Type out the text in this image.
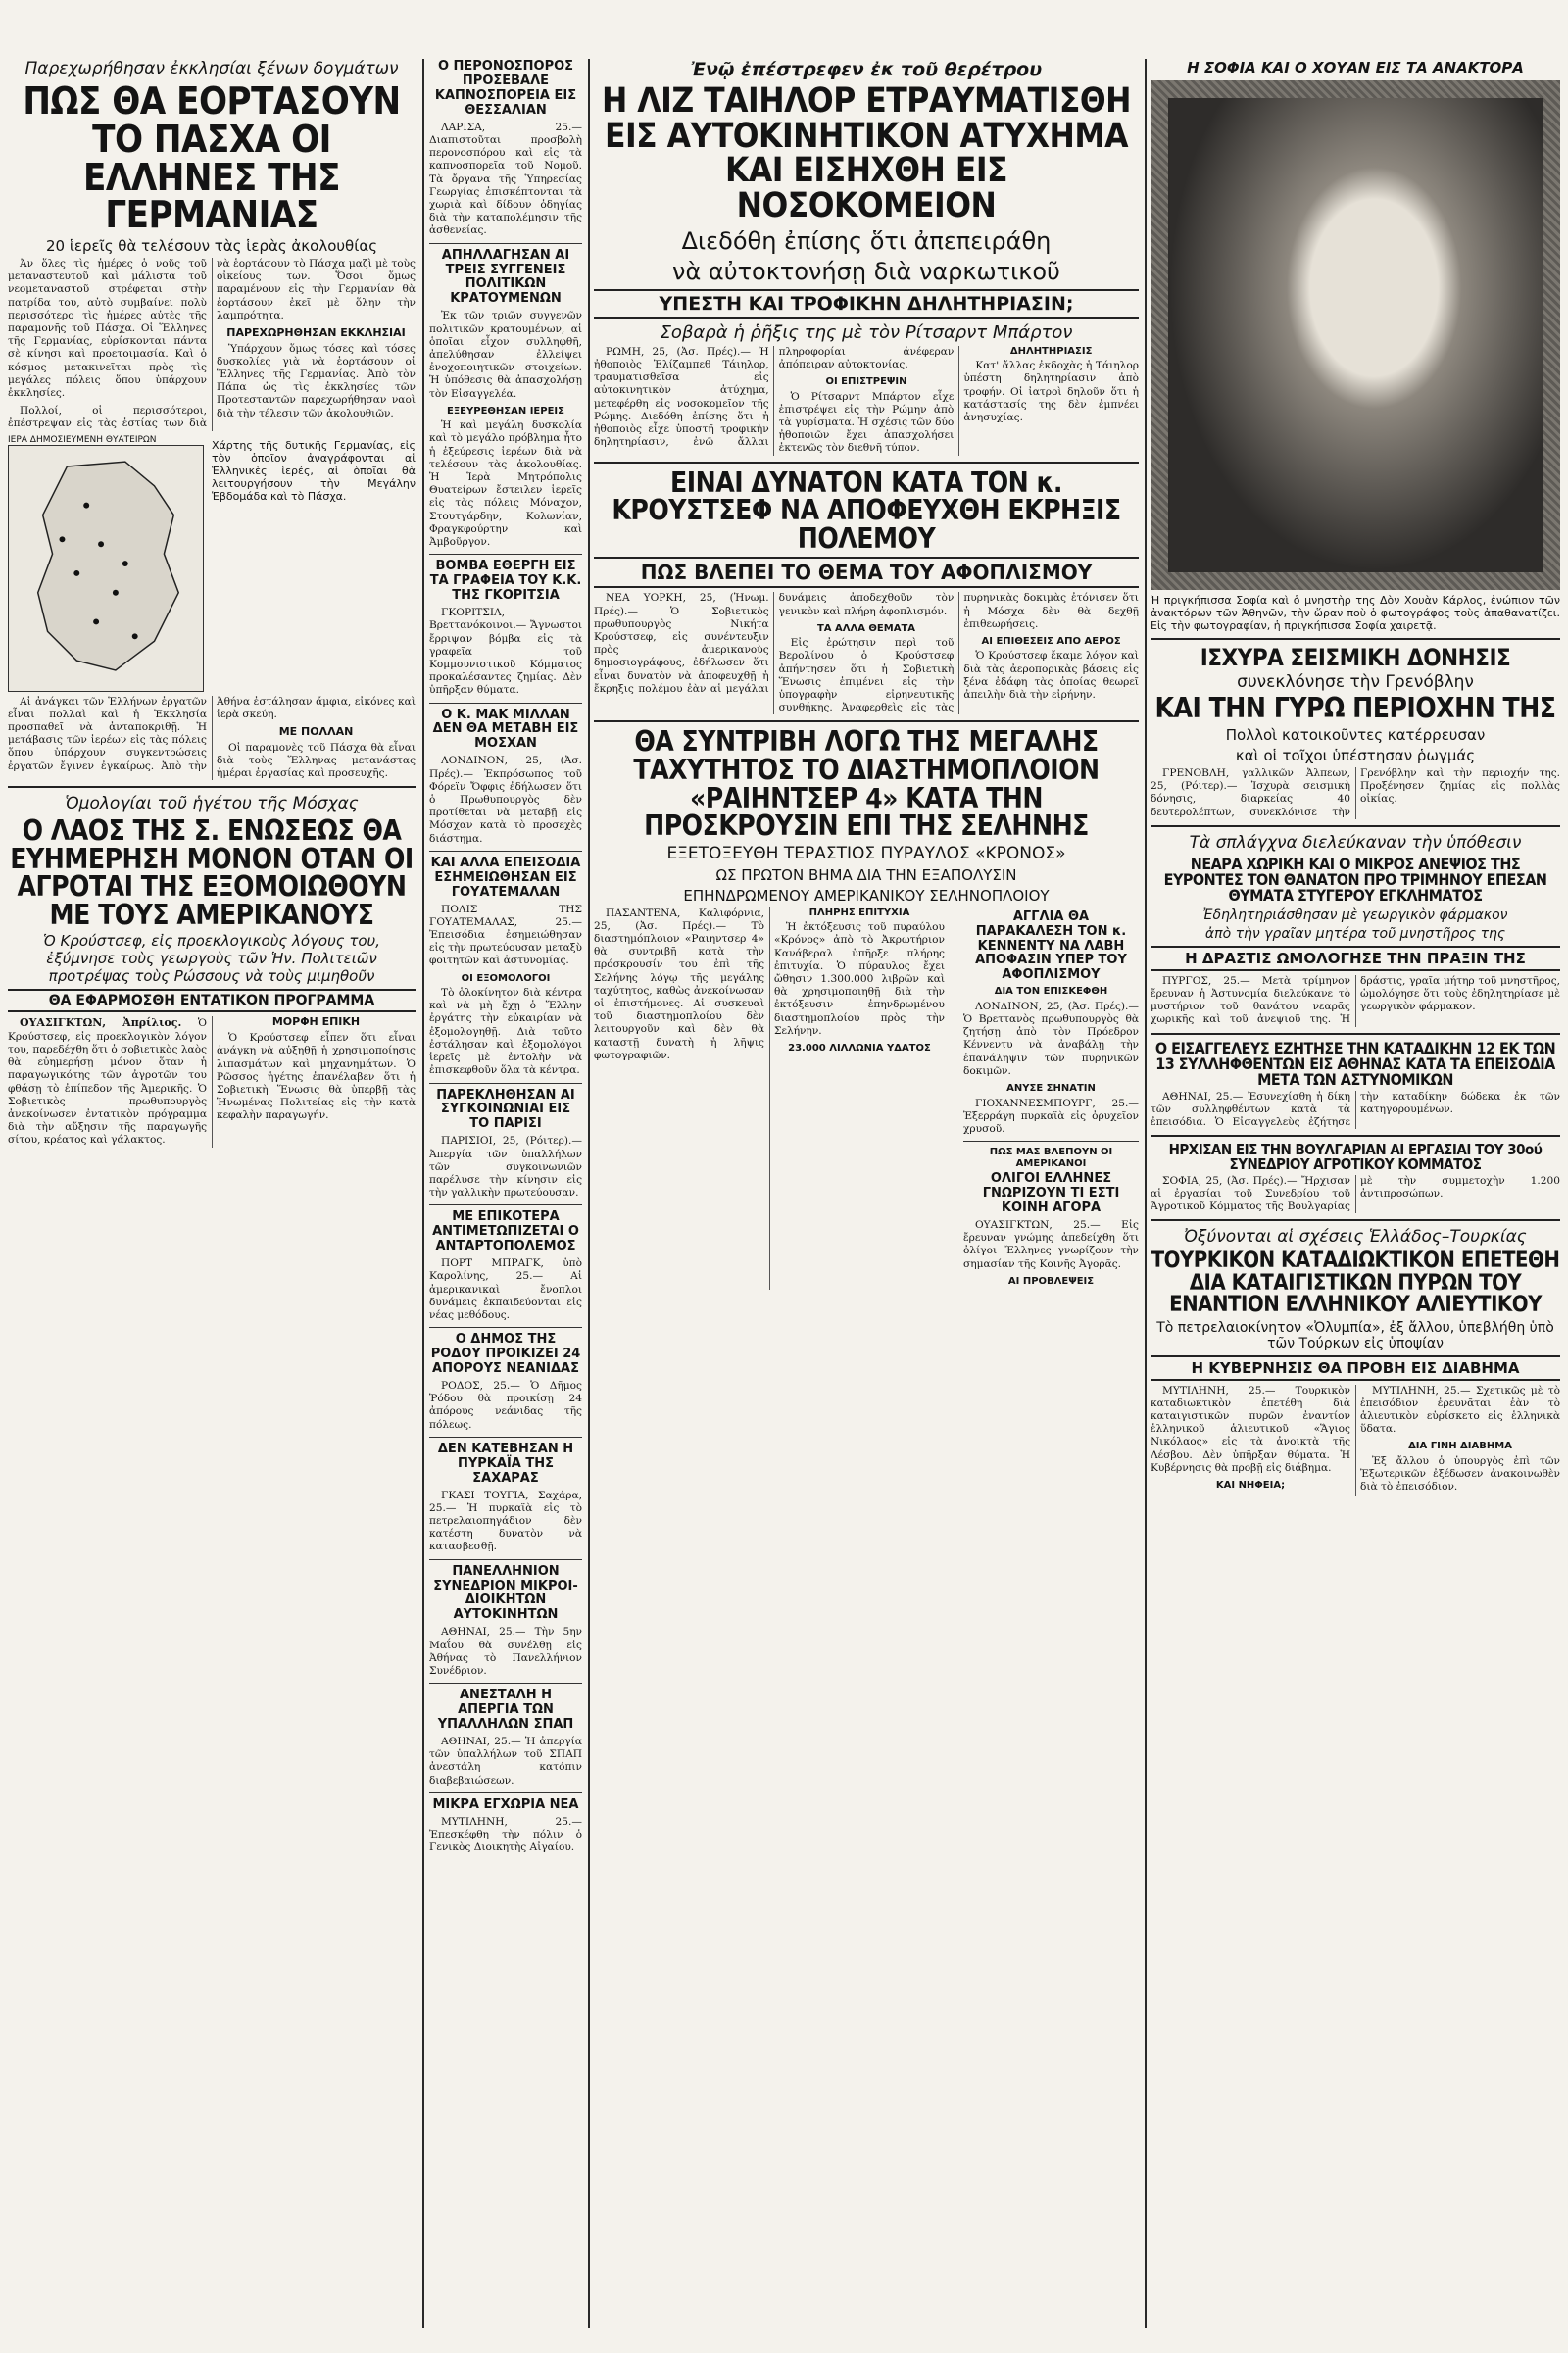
Παρεχωρήθησαν ἐκκλησίαι ξένων δογμάτων
ΠΩΣ ΘΑ ΕΟΡΤΑΣΟΥΝ ΤΟ ΠΑΣΧΑ ΟΙ ΕΛΛΗΝΕΣ ΤΗΣ ΓΕΡΜΑΝΙΑΣ
20 ἱερεῖς θὰ τελέσουν τὰς ἱερὰς ἀκολουθίας

Ἀν ὅλες τὶς ἡμέρες ὁ νοῦς τοῦ μεταναστευτοῦ καὶ μάλιστα τοῦ νεομεταναστοῦ στρέφεται στὴν πατρίδα του, αὐτὸ συμβαίνει πολὺ περισσότερο τὶς ἡμέρες αὐτὲς τῆς παραμονῆς τοῦ Πάσχα. Οἱ Ἕλληνες τῆς Γερμανίας, εὑρίσκονται πάντα σὲ κίνησι καὶ προετοιμασία. Καὶ ὁ κόσμος μετακινεῖται πρὸς τὶς μεγάλες πόλεις ὅπου ὑπάρχουν ἐκκλησίες.

Πολλοί, οἱ περισσότεροι, ἐπέστρεψαν εἰς τὰς ἑστίας των διὰ νὰ ἑορτάσουν τὸ Πάσχα μαζὶ μὲ τοὺς οἰκείους των. Ὅσοι ὅμως παραμένουν εἰς τὴν Γερμανίαν θὰ ἑορτάσουν ἐκεῖ μὲ ὅλην τὴν λαμπρότητα.

ΠΑΡΕΧΩΡΗΘΗΣΑΝ ΕΚΚΛΗΣΙΑΙ

Ὑπάρχουν ὅμως τόσες καὶ τόσες δυσκολίες γιὰ νὰ ἑορτάσουν οἱ Ἕλληνες τῆς Γερμανίας. Ἀπὸ τὸν Πάπα ὡς τὶς ἐκκλησίες τῶν Προτεσταντῶν παρεχωρήθησαν ναοὶ διὰ τὴν τέλεσιν τῶν ἀκολουθιῶν.

ΙΕΡΑ ΔΗΜΟΣΙΕΥΜΕΝΗ ΘΥΑΤΕΙΡΩΝ	Χάρτης τῆς δυτικῆς Γερμανίας, εἰς τὸν ὁποῖον ἀναγράφονται αἱ Ἑλληνικὲς ἱερές, αἱ ὁποῖαι θὰ λειτουργήσουν τὴν Μεγάλην Ἑβδομάδα καὶ τὸ Πάσχα.

Αἱ ἀνάγκαι τῶν Ἑλλήνων ἐργατῶν εἶναι πολλαὶ καὶ ἡ Ἐκκλησία προσπαθεῖ νὰ ἀνταποκριθῇ. Ἡ μετάβασις τῶν ἱερέων εἰς τὰς πόλεις ὅπου ὑπάρχουν συγκεντρώσεις ἐργατῶν ἔγινεν ἐγκαίρως. Ἀπὸ τὴν Ἀθήνα ἐστάλησαν ἄμφια, εἰκόνες καὶ ἱερὰ σκεύη.

ΜΕ ΠΟΛΛΑΝ

Οἱ παραμονὲς τοῦ Πάσχα θὰ εἶναι διὰ τοὺς Ἕλληνας μετανάστας ἡμέραι ἐργασίας καὶ προσευχῆς.

Ὁμολογίαι τοῦ ἡγέτου τῆς Μόσχας
Ο ΛΑΟΣ ΤΗΣ Σ. ΕΝΩΣΕΩΣ ΘΑ ΕΥΗΜΕΡΗΣΗ ΜΟΝΟΝ ΟΤΑΝ ΟΙ ΑΓΡΟΤΑΙ ΤΗΣ ΕΞΟΜΟΙΩΘΟΥΝ ΜΕ ΤΟΥΣ ΑΜΕΡΙΚΑΝΟΥΣ
Ὁ Κρούστσεφ, εἰς προεκλογικοὺς λόγους του, ἐξύμνησε τοὺς γεωργοὺς τῶν Ἡν. Πολιτειῶν προτρέψας τοὺς Ρώσσους νὰ τοὺς μιμηθοῦν
ΘΑ ΕΦΑΡΜΟΣΘΗ ΕΝΤΑΤΙΚΟΝ ΠΡΟΓΡΑΜΜΑ

ΟΥΑΣΙΓΚΤΩΝ, Ἀπρίλιος. Ὁ Κρούστσεφ, εἰς προεκλογικὸν λόγον του, παρεδέχθη ὅτι ὁ σοβιετικὸς λαὸς θὰ εὐημερήσῃ μόνον ὅταν ἡ παραγωγικότης τῶν ἀγροτῶν του φθάσῃ τὸ ἐπίπεδον τῆς Ἀμερικῆς. Ὁ Σοβιετικὸς πρωθυπουργὸς ἀνεκοίνωσεν ἐντατικὸν πρόγραμμα διὰ τὴν αὔξησιν τῆς παραγωγῆς σίτου, κρέατος καὶ γάλακτος.

ΜΟΡΦΗ ΕΠΙΚΗ

Ὁ Κρούστσεφ εἶπεν ὅτι εἶναι ἀνάγκη νὰ αὐξηθῇ ἡ χρησιμοποίησις λιπασμάτων καὶ μηχανημάτων. Ὁ Ρῶσσος ἡγέτης ἐπανέλαβεν ὅτι ἡ Σοβιετικὴ Ἕνωσις θὰ ὑπερβῇ τὰς Ἡνωμένας Πολιτείας εἰς τὴν κατὰ κεφαλὴν παραγωγήν.

Ο ΠΕΡΟΝΟΣΠΟΡΟΣ ΠΡΟΣΕΒΑΛΕ ΚΑΠΝΟΣΠΟΡΕΙΑ ΕΙΣ ΘΕΣΣΑΛΙΑΝ

ΛΑΡΙΣΑ, 25.— Διαπιστοῦται προσβολὴ περονοσπόρου καὶ εἰς τὰ καπνοσπορεῖα τοῦ Νομοῦ. Τὰ ὄργανα τῆς Ὑπηρεσίας Γεωργίας ἐπισκέπτονται τὰ χωριὰ καὶ δίδουν ὁδηγίας διὰ τὴν καταπολέμησιν τῆς ἀσθενείας.

ΑΠΗΛΛΑΓΗΣΑΝ ΑΙ ΤΡΕΙΣ ΣΥΓΓΕΝΕΙΣ ΠΟΛΙΤΙΚΩΝ ΚΡΑΤΟΥΜΕΝΩΝ

Ἐκ τῶν τριῶν συγγενῶν πολιτικῶν κρατουμένων, αἱ ὁποῖαι εἶχον συλληφθῆ, ἀπελύθησαν ἐλλείψει ἐνοχοποιητικῶν στοιχείων. Ἡ ὑπόθεσις θὰ ἀπασχολήσῃ τὸν Εἰσαγγελέα.

ΕΞΕΥΡΕΘΗΣΑΝ ΙΕΡΕΙΣ

Ἡ καὶ μεγάλη δυσκολία καὶ τὸ μεγάλο πρόβλημα ἦτο ἡ ἐξεύρεσις ἱερέων διὰ νὰ τελέσουν τὰς ἀκολουθίας. Ἡ Ἱερὰ Μητρόπολις Θυατείρων ἔστειλεν ἱερεῖς εἰς τὰς πόλεις Μόναχον, Στουτγάρδην, Κολωνίαν, Φραγκφούρτην καὶ Ἀμβοῦργον.

ΒΟΜΒΑ ΕΘΕΡΓΗ ΕΙΣ ΤΑ ΓΡΑΦΕΙΑ ΤΟΥ Κ.Κ. ΤΗΣ ΓΚΟΡΙΤΣΙΑ

ΓΚΟΡΙΤΣΙΑ, Βρεττανόκοινοι.— Ἄγνωστοι ἔρριψαν βόμβα εἰς τὰ γραφεῖα τοῦ Κομμουνιστικοῦ Κόμματος προκαλέσαντες ζημίας. Δὲν ὑπῆρξαν θύματα.

Ο Κ. ΜΑΚ ΜΙΛΛΑΝ ΔΕΝ ΘΑ ΜΕΤΑΒΗ ΕΙΣ ΜΟΣΧΑΝ

ΛΟΝΔΙΝΟΝ, 25, (Ἀσ. Πρές).— Ἐκπρόσωπος τοῦ Φόρεϊν Ὄφφις ἐδήλωσεν ὅτι ὁ Πρωθυπουργὸς δὲν προτίθεται νὰ μεταβῇ εἰς Μόσχαν κατὰ τὸ προσεχὲς διάστημα.

ΚΑΙ ΑΛΛΑ ΕΠΕΙΣΟΔΙΑ ΕΣΗΜΕΙΩΘΗΣΑΝ ΕΙΣ ΓΟΥΑΤΕΜΑΛΑΝ

ΠΟΛΙΣ ΤΗΣ ΓΟΥΑΤΕΜΑΛΑΣ, 25.— Ἐπεισόδια ἐσημειώθησαν εἰς τὴν πρωτεύουσαν μεταξὺ φοιτητῶν καὶ ἀστυνομίας.

ΟΙ ΕΞΟΜΟΛΟΓΟΙ

Τὸ ὁλοκίνητον διὰ κέντρα καὶ νὰ μὴ ἔχῃ ὁ Ἕλλην ἐργάτης τὴν εὐκαιρίαν νὰ ἐξομολογηθῇ. Διὰ τοῦτο ἐστάλησαν καὶ ἐξομολόγοι ἱερεῖς μὲ ἐντολὴν νὰ ἐπισκεφθοῦν ὅλα τὰ κέντρα.

ΠΑΡΕΚΛΗΘΗΣΑΝ ΑΙ ΣΥΓΚΟΙΝΩΝΙΑΙ ΕΙΣ ΤΟ ΠΑΡΙΣΙ

ΠΑΡΙΣΙΟΙ, 25, (Ρόιτερ).— Ἀπεργία τῶν ὑπαλλήλων τῶν συγκοινωνιῶν παρέλυσε τὴν κίνησιν εἰς τὴν γαλλικὴν πρωτεύουσαν.

ΜΕ ΕΠΙΚΟΤΕΡΑ ΑΝΤΙΜΕΤΩΠΙΖΕΤΑΙ Ο ΑΝΤΑΡΤΟΠΟΛΕΜΟΣ

ΠΟΡΤ ΜΠΡΑΓΚ, ὑπὸ Καρολίνης, 25.— Αἱ ἀμερικανικαὶ ἔνοπλοι δυνάμεις ἐκπαιδεύονται εἰς νέας μεθόδους.

Ο ΔΗΜΟΣ ΤΗΣ ΡΟΔΟΥ ΠΡΟΙΚΙΖΕΙ 24 ΑΠΟΡΟΥΣ ΝΕΑΝΙΔΑΣ

ΡΟΔΟΣ, 25.— Ὁ Δῆμος Ῥόδου θὰ προικίσῃ 24 ἀπόρους νεάνιδας τῆς πόλεως.

ΔΕΝ ΚΑΤΕΒΗΣΑΝ Η ΠΥΡΚΑΪΑ ΤΗΣ ΣΑΧΑΡΑΣ

ΓΚΑΣΙ ΤΟΥΓΙΑ, Σαχάρα, 25.— Ἡ πυρκαϊὰ εἰς τὸ πετρελαιοπηγάδιον δὲν κατέστη δυνατὸν νὰ κατασβεσθῇ.

ΠΑΝΕΛΛΗΝΙΟΝ ΣΥΝΕΔΡΙΟΝ ΜΙΚΡΟΙ-ΔΙΟΙΚΗΤΩΝ ΑΥΤΟΚΙΝΗΤΩΝ

ΑΘΗΝΑΙ, 25.— Τὴν 5ην Μαΐου θὰ συνέλθῃ εἰς Ἀθήνας τὸ Πανελλήνιον Συνέδριον.

ΑΝΕΣΤΑΛΗ Η ΑΠΕΡΓΙΑ ΤΩΝ ΥΠΑΛΛΗΛΩΝ ΣΠΑΠ

ΑΘΗΝΑΙ, 25.— Ἡ ἀπεργία τῶν ὑπαλλήλων τοῦ ΣΠΑΠ ἀνεστάλη κατόπιν διαβεβαιώσεων.

ΜΙΚΡΑ ΕΓΧΩΡΙΑ ΝΕΑ

ΜΥΤΙΛΗΝΗ, 25.— Ἐπεσκέφθη τὴν πόλιν ὁ Γενικὸς Διοικητὴς Αἰγαίου.

Ἐνῷ ἐπέστρεφεν ἐκ τοῦ θερέτρου
Η ΛΙΖ ΤΑΙΗΛΟΡ ΕΤΡΑΥΜΑΤΙΣΘΗ ΕΙΣ ΑΥΤΟΚΙΝΗΤΙΚΟΝ ΑΤΥΧΗΜΑ ΚΑΙ ΕΙΣΗΧΘΗ ΕΙΣ ΝΟΣΟΚΟΜΕΙΟΝ
Διεδόθη ἐπίσης ὅτι ἀπεπειράθη
νὰ αὐτοκτονήσῃ διὰ ναρκωτικοῦ
ΥΠΕΣΤΗ ΚΑΙ ΤΡΟΦΙΚΗΝ ΔΗΛΗΤΗΡΙΑΣΙΝ;
Σοβαρὰ ἡ ῥῆξις της μὲ τὸν Ρίτσαρντ Μπάρτον

ΡΩΜΗ, 25, (Ἀσ. Πρές).— Ἡ ἠθοποιὸς Ἐλίζαμπεθ Τάιηλορ, τραυματισθεῖσα εἰς αὐτοκινητικὸν ἀτύχημα, μετεφέρθη εἰς νοσοκομεῖον τῆς Ρώμης. Διεδόθη ἐπίσης ὅτι ἡ ἠθοποιὸς εἶχε ὑποστῆ τροφικὴν δηλητηρίασιν, ἐνῶ ἄλλαι πληροφορίαι ἀνέφεραν ἀπόπειραν αὐτοκτονίας.

ΟΙ ΕΠΙΣΤΡΕΨΙΝ

Ὁ Ρίτσαρντ Μπάρτον εἶχε ἐπιστρέψει εἰς τὴν Ρώμην ἀπὸ τὰ γυρίσματα. Ἡ σχέσις τῶν δύο ἠθοποιῶν ἔχει ἀπασχολήσει ἐκτενῶς τὸν διεθνῆ τύπον.

ΔΗΛΗΤΗΡΙΑΣΙΣ

Κατ' ἄλλας ἐκδοχὰς ἡ Τάιηλορ ὑπέστη δηλητηρίασιν ἀπὸ τροφήν. Οἱ ἰατροὶ δηλοῦν ὅτι ἡ κατάστασίς της δὲν ἐμπνέει ἀνησυχίας.

ΕΙΝΑΙ ΔΥΝΑΤΟΝ ΚΑΤΑ ΤΟΝ κ. ΚΡΟΥΣΤΣΕΦ ΝΑ ΑΠΟΦΕΥΧΘΗ ΕΚΡΗΞΙΣ ΠΟΛΕΜΟΥ
ΠΩΣ ΒΛΕΠΕΙ ΤΟ ΘΕΜΑ ΤΟΥ ΑΦΟΠΛΙΣΜΟΥ

ΝΕΑ ΥΟΡΚΗ, 25, (Ἡνωμ. Πρές).— Ὁ Σοβιετικὸς πρωθυπουργὸς Νικήτα Κρούστσεφ, εἰς συνέντευξιν πρὸς ἀμερικανοὺς δημοσιογράφους, ἐδήλωσεν ὅτι εἶναι δυνατὸν νὰ ἀποφευχθῇ ἡ ἔκρηξις πολέμου ἐὰν αἱ μεγάλαι δυνάμεις ἀποδεχθοῦν τὸν γενικὸν καὶ πλήρη ἀφοπλισμόν.

ΤΑ ΑΛΛΑ ΘΕΜΑΤΑ

Εἰς ἐρώτησιν περὶ τοῦ Βερολίνου ὁ Κρούστσεφ ἀπήντησεν ὅτι ἡ Σοβιετικὴ Ἕνωσις ἐπιμένει εἰς τὴν ὑπογραφὴν εἰρηνευτικῆς συνθήκης. Ἀναφερθεὶς εἰς τὰς πυρηνικὰς δοκιμὰς ἐτόνισεν ὅτι ἡ Μόσχα δὲν θὰ δεχθῇ ἐπιθεωρήσεις.

ΑΙ ΕΠΙΘΕΣΕΙΣ ΑΠΟ ΑΕΡΟΣ

Ὁ Κρούστσεφ ἔκαμε λόγον καὶ διὰ τὰς ἀεροπορικὰς βάσεις εἰς ξένα ἐδάφη τὰς ὁποίας θεωρεῖ ἀπειλὴν διὰ τὴν εἰρήνην.

ΘΑ ΣΥΝΤΡΙΒΗ ΛΟΓΩ ΤΗΣ ΜΕΓΑΛΗΣ ΤΑΧΥΤΗΤΟΣ ΤΟ ΔΙΑΣΤΗΜΟΠΛΟΙΟΝ «ΡΑΙΗΝΤΣΕΡ 4» ΚΑΤΑ ΤΗΝ ΠΡΟΣΚΡΟΥΣΙΝ ΕΠΙ ΤΗΣ ΣΕΛΗΝΗΣ
ΕΞΕΤΟΞΕΥΘΗ ΤΕΡΑΣΤΙΟΣ ΠΥΡΑΥΛΟΣ «ΚΡΟΝΟΣ»
ΩΣ ΠΡΩΤΟΝ ΒΗΜΑ ΔΙΑ ΤΗΝ ΕΞΑΠΟΛΥΣΙΝ
ΕΠΗΝΔΡΩΜΕΝΟΥ ΑΜΕΡΙΚΑΝΙΚΟΥ ΣΕΛΗΝΟΠΛΟΙΟΥ

ΠΑΣΑΝΤΕΝΑ, Καλιφόρνια, 25, (Ἀσ. Πρές).— Τὸ διαστημόπλοιον «Ραιηντσερ 4» θὰ συντριβῇ κατὰ τὴν πρόσκρουσίν του ἐπὶ τῆς Σελήνης λόγῳ τῆς μεγάλης ταχύτητος, καθὼς ἀνεκοίνωσαν οἱ ἐπιστήμονες. Αἱ συσκευαὶ τοῦ διαστημοπλοίου δὲν λειτουργοῦν καὶ δὲν θὰ καταστῇ δυνατὴ ἡ λῆψις φωτογραφιῶν.

ΠΛΗΡΗΣ ΕΠΙΤΥΧΙΑ

Ἡ ἐκτόξευσις τοῦ πυραύλου «Κρόνος» ἀπὸ τὸ Ἀκρωτήριον Κανάβεραλ ὑπῆρξε πλήρης ἐπιτυχία. Ὁ πύραυλος ἔχει ὤθησιν 1.300.000 λιβρῶν καὶ θὰ χρησιμοποιηθῇ διὰ τὴν ἐκτόξευσιν ἐπηνδρωμένου διαστημοπλοίου πρὸς τὴν Σελήνην.

23.000 ΛΙΛΛΩΝΙΑ ΥΔΑΤΟΣ
ΑΓΓΛΙΑ ΘΑ ΠΑΡΑΚΑΛΕΣΗ ΤΟΝ κ. ΚΕΝΝΕΝΤΥ ΝΑ ΛΑΒΗ ΑΠΟΦΑΣΙΝ ΥΠΕΡ ΤΟΥ ΑΦΟΠΛΙΣΜΟΥ
ΔΙΑ ΤΟΝ ΕΠΙΣΚΕΦΘΗ

ΛΟΝΔΙΝΟΝ, 25, (Ἀσ. Πρές).— Ὁ Βρεττανὸς πρωθυπουργὸς θὰ ζητήσῃ ἀπὸ τὸν Πρόεδρον Κέννεντυ νὰ ἀναβάλῃ τὴν ἐπανάληψιν τῶν πυρηνικῶν δοκιμῶν.

ΑΝΥΣΕ ΣΗΝΑΤΙΝ

ΓΙΟΧΑΝΝΕΣΜΠΟΥΡΓ, 25.— Ἐξερράγη πυρκαϊὰ εἰς ὀρυχεῖον χρυσοῦ.

ΠΩΣ ΜΑΣ ΒΛΕΠΟΥΝ ΟΙ ΑΜΕΡΙΚΑΝΟΙ
ΟΛΙΓΟΙ ΕΛΛΗΝΕΣ ΓΝΩΡΙΖΟΥΝ ΤΙ ΕΣΤΙ ΚΟΙΝΗ ΑΓΟΡΑ

ΟΥΑΣΙΓΚΤΩΝ, 25.— Εἰς ἔρευναν γνώμης ἀπεδείχθη ὅτι ὀλίγοι Ἕλληνες γνωρίζουν τὴν σημασίαν τῆς Κοινῆς Ἀγορᾶς.

ΑΙ ΠΡΟΒΛΕΨΕΙΣ
Η ΣΟΦΙΑ ΚΑΙ Ο ΧΟΥΑΝ ΕΙΣ ΤΑ ΑΝΑΚΤΟΡΑ

Ἡ πριγκήπισσα Σοφία καὶ ὁ μνηστὴρ της Δὸν Χουὰν Κάρλος, ἐνώπιον τῶν ἀνακτόρων τῶν Ἀθηνῶν, τὴν ὥραν ποὺ ὁ φωτογράφος τοὺς ἀπαθανατίζει. Εἰς τὴν φωτογραφίαν, ἡ πριγκήπισσα Σοφία χαιρετᾷ.

ΙΣΧΥΡΑ ΣΕΙΣΜΙΚΗ ΔΟΝΗΣΙΣ
συνεκλόνησε τὴν Γρενόβλην
ΚΑΙ ΤΗΝ ΓΥΡΩ ΠΕΡΙΟΧΗΝ ΤΗΣ
Πολλοὶ κατοικοῦντες κατέρρευσαν
καὶ οἱ τοῖχοι ὑπέστησαν ῥωγμάς

ΓΡΕΝΟΒΛΗ, γαλλικῶν Ἀλπεων, 25, (Ρόιτερ).— Ἰσχυρὰ σεισμικὴ δόνησις, διαρκείας 40 δευτερολέπτων, συνεκλόνισε τὴν Γρενόβλην καὶ τὴν περιοχήν της. Προξένησεν ζημίας εἰς πολλὰς οἰκίας.

Τὰ σπλάγχνα διελεύκαναν τὴν ὑπόθεσιν
ΝΕΑΡΑ ΧΩΡΙΚΗ ΚΑΙ Ο ΜΙΚΡΟΣ ΑΝΕΨΙΟΣ ΤΗΣ ΕΥΡΟΝΤΕΣ ΤΟΝ ΘΑΝΑΤΟΝ ΠΡΟ ΤΡΙΜΗΝΟΥ ΕΠΕΣΑΝ ΘΥΜΑΤΑ ΣΤΥΓΕΡΟΥ ΕΓΚΛΗΜΑΤΟΣ
Ἐδηλητηριάσθησαν μὲ γεωργικὸν φάρμακον
ἀπὸ τὴν γραῖαν μητέρα τοῦ μνηστῆρος της
Η ΔΡΑΣΤΙΣ ΩΜΟΛΟΓΗΣΕ ΤΗΝ ΠΡΑΞΙΝ ΤΗΣ

ΠΥΡΓΟΣ, 25.— Μετὰ τρίμηνον ἔρευναν ἡ Ἀστυνομία διελεύκανε τὸ μυστήριον τοῦ θανάτου νεαρᾶς χωρικῆς καὶ τοῦ ἀνεψιοῦ της. Ἡ δράστις, γραῖα μήτηρ τοῦ μνηστῆρος, ὡμολόγησε ὅτι τοὺς ἐδηλητηρίασε μὲ γεωργικὸν φάρμακον.

Ο ΕΙΣΑΓΓΕΛΕΥΣ ΕΖΗΤΗΣΕ ΤΗΝ ΚΑΤΑΔΙΚΗΝ 12 ΕΚ ΤΩΝ 13 ΣΥΛΛΗΦΘΕΝΤΩΝ ΕΙΣ ΑΘΗΝΑΣ ΚΑΤΑ ΤΑ ΕΠΕΙΣΟΔΙΑ ΜΕΤΑ ΤΩΝ ΑΣΤΥΝΟΜΙΚΩΝ

ΑΘΗΝΑΙ, 25.— Ἐσυνεχίσθη ἡ δίκη τῶν συλληφθέντων κατὰ τὰ ἐπεισόδια. Ὁ Εἰσαγγελεὺς ἐζήτησε τὴν καταδίκην δώδεκα ἐκ τῶν κατηγορουμένων.

ΗΡΧΙΣΑΝ ΕΙΣ ΤΗΝ ΒΟΥΛΓΑΡΙΑΝ ΑΙ ΕΡΓΑΣΙΑΙ ΤΟΥ 30ού ΣΥΝΕΔΡΙΟΥ ΑΓΡΟΤΙΚΟΥ ΚΟΜΜΑΤΟΣ

ΣΟΦΙΑ, 25, (Ἀσ. Πρές).— Ἤρχισαν αἱ ἐργασίαι τοῦ Συνεδρίου τοῦ Ἀγροτικοῦ Κόμματος τῆς Βουλγαρίας μὲ τὴν συμμετοχὴν 1.200 ἀντιπροσώπων.

Ὀξύνονται αἱ σχέσεις Ἑλλάδος–Τουρκίας
ΤΟΥΡΚΙΚΟΝ ΚΑΤΑΔΙΩΚΤΙΚΟΝ ΕΠΕΤΕΘΗ ΔΙΑ ΚΑΤΑΙΓΙΣΤΙΚΩΝ ΠΥΡΩΝ ΤΟΥ ΕΝΑΝΤΙΟΝ ΕΛΛΗΝΙΚΟΥ ΑΛΙΕΥΤΙΚΟΥ
Τὸ πετρελαιοκίνητον «Ὀλυμπία», ἐξ ἄλλου, ὑπεβλήθη ὑπὸ τῶν Τούρκων εἰς ὑποψίαν
Η ΚΥΒΕΡΝΗΣΙΣ ΘΑ ΠΡΟΒΗ ΕΙΣ ΔΙΑΒΗΜΑ

ΜΥΤΙΛΗΝΗ, 25.— Τουρκικὸν καταδιωκτικὸν ἐπετέθη διὰ καταιγιστικῶν πυρῶν ἐναντίον ἑλληνικοῦ ἁλιευτικοῦ «Ἅγιος Νικόλαος» εἰς τὰ ἀνοικτὰ τῆς Λέσβου. Δὲν ὑπῆρξαν θύματα. Ἡ Κυβέρνησις θὰ προβῇ εἰς διάβημα.

ΚΑΙ ΝΗΦΕΙΑ;

ΜΥΤΙΛΗΝΗ, 25.— Σχετικῶς μὲ τὸ ἐπεισόδιον ἐρευνᾶται ἐὰν τὸ ἁλιευτικὸν εὑρίσκετο εἰς ἑλληνικὰ ὕδατα.

ΔΙΑ ΓΙΝΗ ΔΙΑΒΗΜΑ

Ἐξ ἄλλου ὁ ὑπουργὸς ἐπὶ τῶν Ἐξωτερικῶν ἐξέδωσεν ἀνακοινωθὲν διὰ τὸ ἐπεισόδιον.
